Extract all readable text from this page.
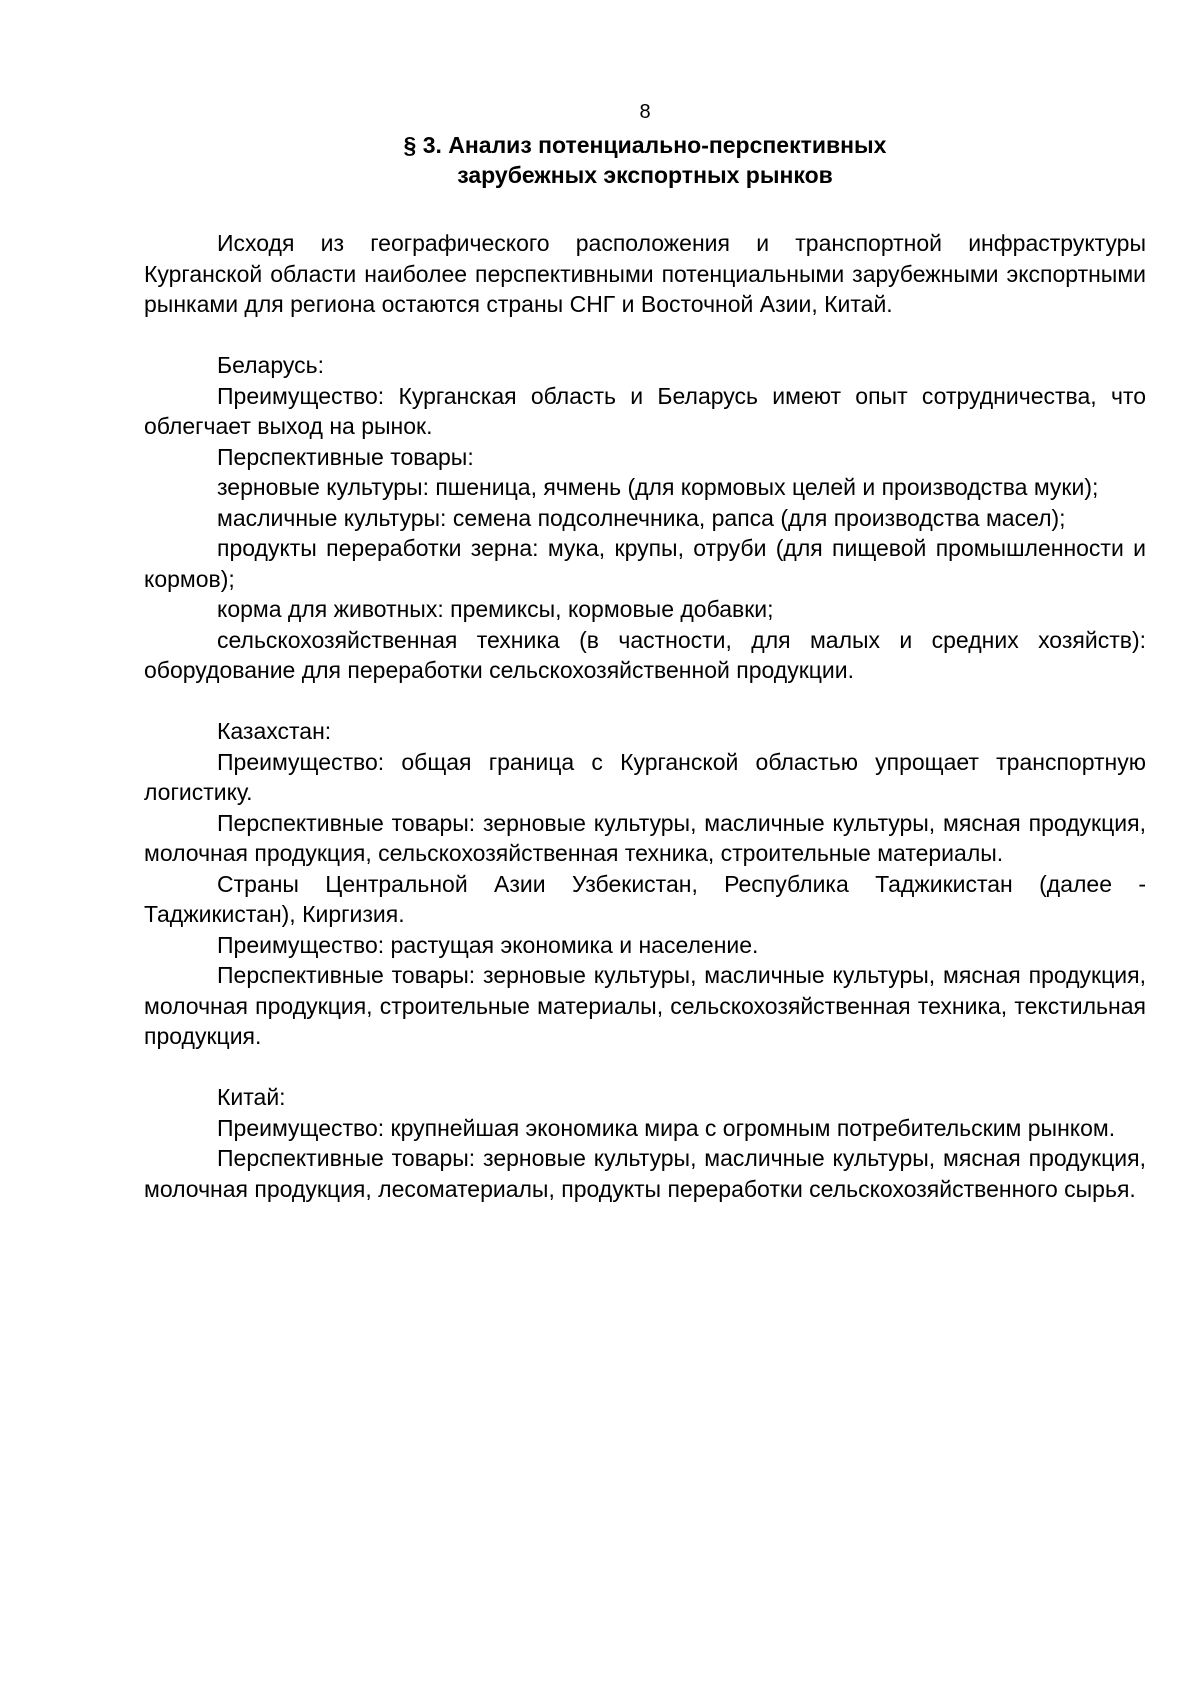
8
§ 3. Анализ потенциально-перспективных
зарубежных экспортных рынков

Исходя из географического расположения и транспортной инфраструктуры Курганской области наиболее перспективными потенциальными зарубежными экспортными рынками для региона остаются страны СНГ и Восточной Азии, Китай.

Беларусь:

Преимущество: Курганская область и Беларусь имеют опыт сотрудничества, что облегчает выход на рынок.

Перспективные товары:

зерновые культуры: пшеница, ячмень (для кормовых целей и производства муки);

масличные культуры: семена подсолнечника, рапса (для производства масел);

продукты переработки зерна: мука, крупы, отруби (для пищевой промышленности и кормов);

корма для животных: премиксы, кормовые добавки;

сельскохозяйственная техника (в частности, для малых и средних хозяйств): оборудование для переработки сельскохозяйственной продукции.

Казахстан:

Преимущество: общая граница с Курганской областью упрощает транспортную логистику.

Перспективные товары: зерновые культуры, масличные культуры, мясная продукция, молочная продукция, сельскохозяйственная техника, строительные материалы.

Страны Центральной Азии Узбекистан, Республика Таджикистан (далее - Таджикистан), Киргизия.

Преимущество: растущая экономика и население.

Перспективные товары: зерновые культуры, масличные культуры, мясная продукция, молочная продукция, строительные материалы, сельскохозяйственная техника, текстильная продукция.

Китай:

Преимущество: крупнейшая экономика мира с огромным потребительским рынком.

Перспективные товары: зерновые культуры, масличные культуры, мясная продукция, молочная продукция, лесоматериалы, продукты переработки сельскохозяйственного сырья.
